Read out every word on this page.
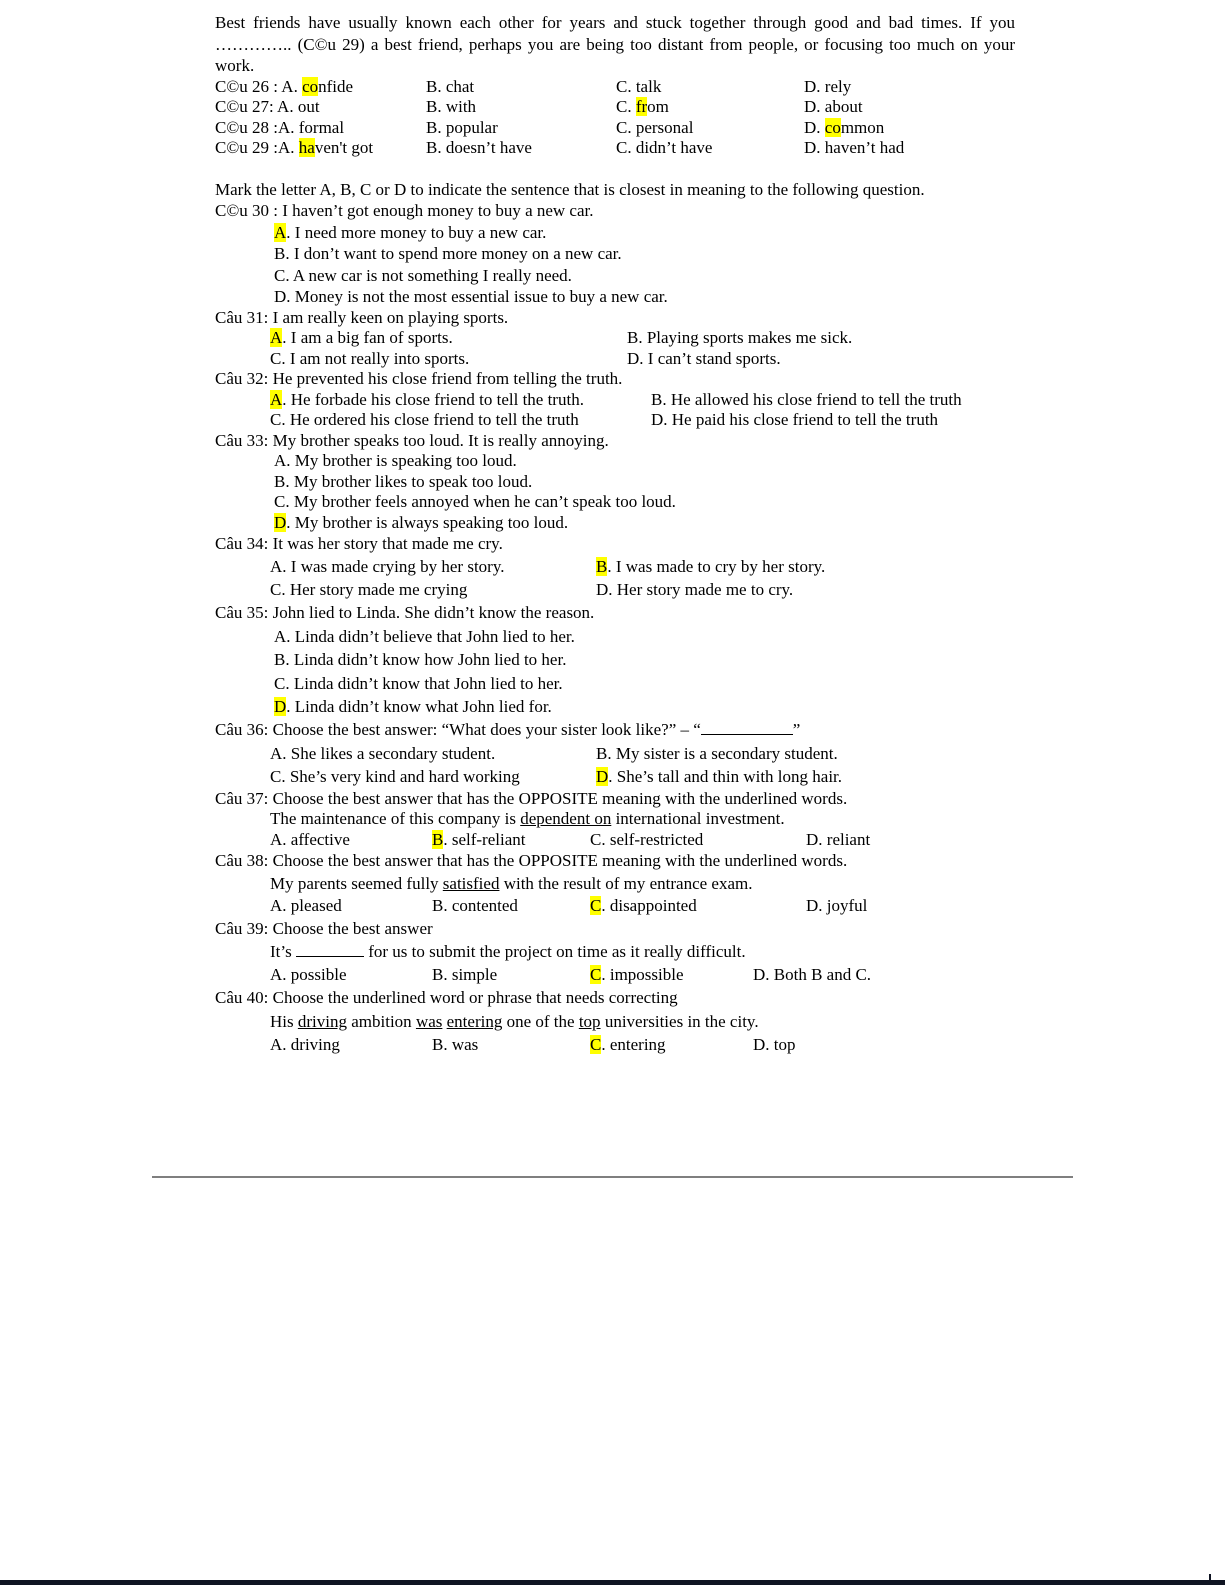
Best friends have usually known each other for years and stuck together through good and bad times. If you ………….. (C©u 29) a best friend, perhaps you are being too distant from people, or focusing too much on your work.
C©u 26 : A. confide	B. chat	C. talk	D. rely
C©u 27: A. out	B. with	C. from	D. about
C©u 28 :A. formal	B. popular	C. personal	D. common
C©u 29 :A. haven't got	B. doesn’t have	C. didn’t have	D. haven’t had
Mark the letter A, B, C or D to indicate the sentence that is closest in meaning to the following question.
C©u 30 : I haven’t got enough money to buy a new car.
A. I need more money to buy a new car.
B. I don’t want to spend more money on a new car.
C. A new car is not something I really need.
D. Money is not the most essential issue to buy a new car.
Câu 31: I am really keen on playing sports.
A. I am a big fan of sports.	B. Playing sports makes me sick.
C. I am not really into sports.	D. I can’t stand sports.
Câu 32: He prevented his close friend from telling the truth.
A. He forbade his close friend to tell the truth.	B. He allowed his close friend to tell the truth
C. He ordered his close friend to tell the truth	D. He paid his close friend to tell the truth
Câu 33: My brother speaks too loud. It is really annoying.
A. My brother is speaking too loud.
B. My brother likes to speak too loud.
C. My brother feels annoyed when he can’t speak too loud.
D. My brother is always speaking too loud.
Câu 34: It was her story that made me cry.
A. I was made crying by her story.	B. I was made to cry by her story.
C. Her story made me crying	D. Her story made me to cry.
Câu 35: John lied to Linda. She didn’t know the reason.
A. Linda didn’t believe that John lied to her.
B. Linda didn’t know how John lied to her.
C. Linda didn’t know that John lied to her.
D. Linda didn’t know what John lied for.
Câu 36: Choose the best answer: “What does your sister look like?” – “	”
A. She likes a secondary student.	B. My sister is a secondary student.
C. She’s very kind and hard working	D. She’s tall and thin with long hair.
Câu 37: Choose the best answer that has the OPPOSITE meaning with the underlined words.
The maintenance of this company is dependent on international investment.
A. affective	B. self-reliant	C. self-restricted	D. reliant
Câu 38: Choose the best answer that has the OPPOSITE meaning with the underlined words.
My parents seemed fully satisfied with the result of my entrance exam.
A. pleased	B. contented	C. disappointed	D. joyful
Câu 39: Choose the best answer
It’s	for us to submit the project on time as it really difficult.
A. possible	B. simple	C. impossible	D. Both B and C.
Câu 40: Choose the underlined word or phrase that needs correcting
His driving ambition was entering one of the top universities in the city.
A. driving	B. was	C. entering	D. top
